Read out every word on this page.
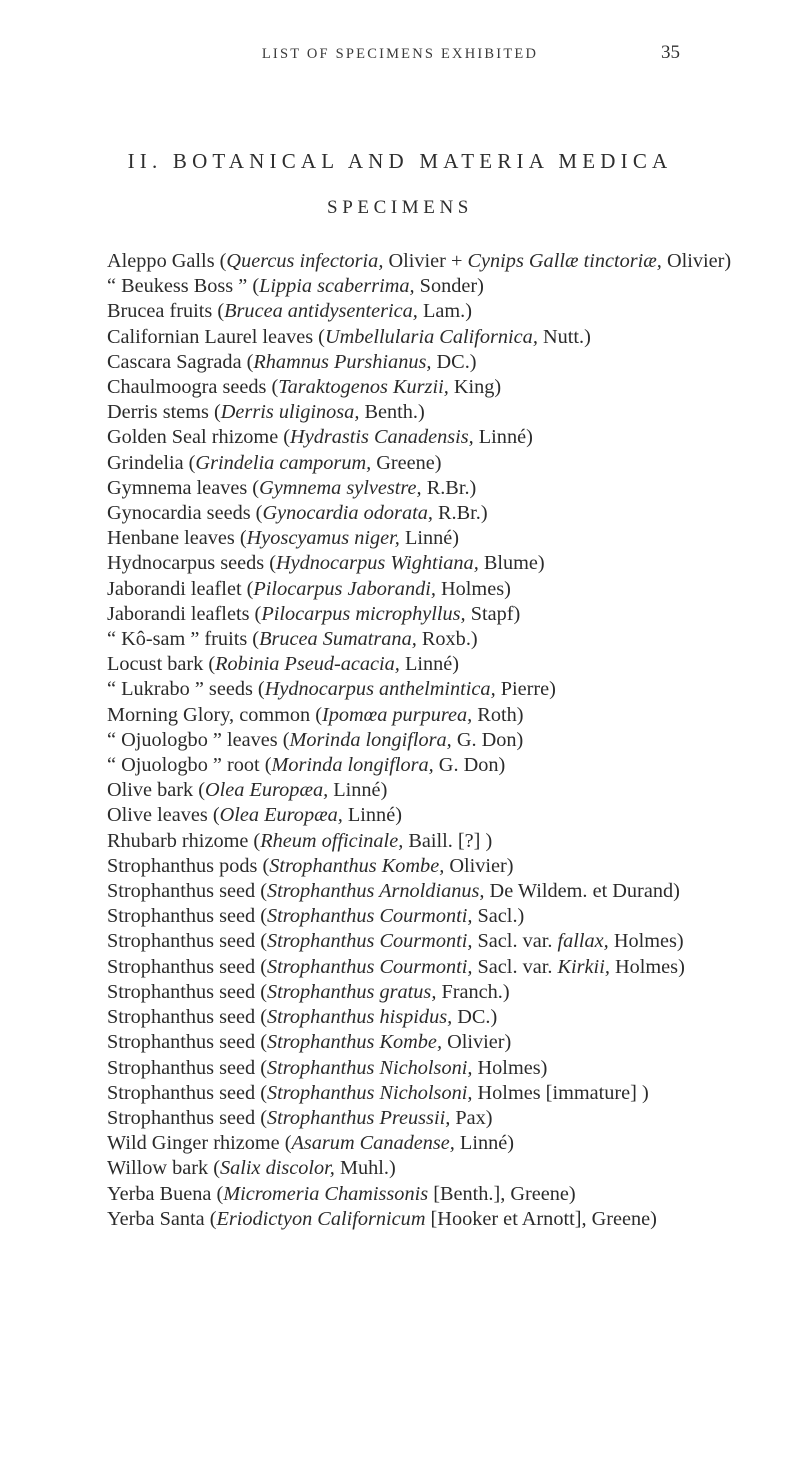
LIST OF SPECIMENS EXHIBITED	35
II. BOTANICAL AND MATERIA MEDICA
SPECIMENS
Aleppo Galls (Quercus infectoria, Olivier + Cynips Gallæ tinctoriæ, Olivier)
“ Beukess Boss ” (Lippia scaberrima, Sonder)
Brucea fruits (Brucea antidysenterica, Lam.)
Californian Laurel leaves (Umbellularia Californica, Nutt.)
Cascara Sagrada (Rhamnus Purshianus, DC.)
Chaulmoogra seeds (Taraktogenos Kurzii, King)
Derris stems (Derris uliginosa, Benth.)
Golden Seal rhizome (Hydrastis Canadensis, Linné)
Grindelia (Grindelia camporum, Greene)
Gymnema leaves (Gymnema sylvestre, R.Br.)
Gynocardia seeds (Gynocardia odorata, R.Br.)
Henbane leaves (Hyoscyamus niger, Linné)
Hydnocarpus seeds (Hydnocarpus Wightiana, Blume)
Jaborandi leaflet (Pilocarpus Jaborandi, Holmes)
Jaborandi leaflets (Pilocarpus microphyllus, Stapf)
“ Kô-sam ” fruits (Brucea Sumatrana, Roxb.)
Locust bark (Robinia Pseud-acacia, Linné)
“ Lukrabo ” seeds (Hydnocarpus anthelmintica, Pierre)
Morning Glory, common (Ipomœa purpurea, Roth)
“ Ojuologbo ” leaves (Morinda longiflora, G. Don)
“ Ojuologbo ” root (Morinda longiflora, G. Don)
Olive bark (Olea Europæa, Linné)
Olive leaves (Olea Europæa, Linné)
Rhubarb rhizome (Rheum officinale, Baill. [?] )
Strophanthus pods (Strophanthus Kombe, Olivier)
Strophanthus seed (Strophanthus Arnoldianus, De Wildem. et Durand)
Strophanthus seed (Strophanthus Courmonti, Sacl.)
Strophanthus seed (Strophanthus Courmonti, Sacl. var. fallax, Holmes)
Strophanthus seed (Strophanthus Courmonti, Sacl. var. Kirkii, Holmes)
Strophanthus seed (Strophanthus gratus, Franch.)
Strophanthus seed (Strophanthus hispidus, DC.)
Strophanthus seed (Strophanthus Kombe, Olivier)
Strophanthus seed (Strophanthus Nicholsoni, Holmes)
Strophanthus seed (Strophanthus Nicholsoni, Holmes [immature] )
Strophanthus seed (Strophanthus Preussii, Pax)
Wild Ginger rhizome (Asarum Canadense, Linné)
Willow bark (Salix discolor, Muhl.)
Yerba Buena (Micromeria Chamissonis [Benth.], Greene)
Yerba Santa (Eriodictyon Californicum [Hooker et Arnott], Greene)
